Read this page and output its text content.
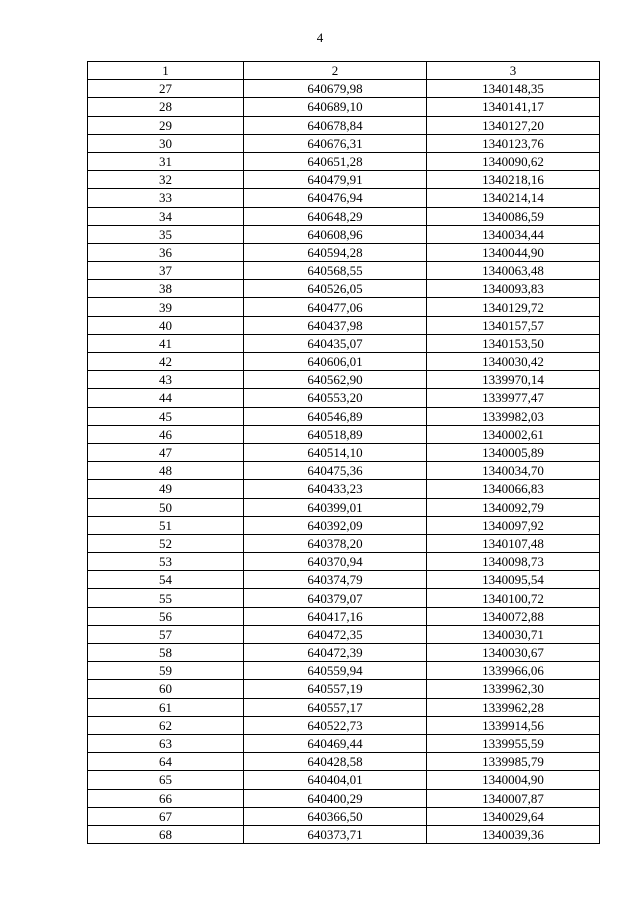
4
1	2	3
27	640679,98	1340148,35
28	640689,10	1340141,17
29	640678,84	1340127,20
30	640676,31	1340123,76
31	640651,28	1340090,62
32	640479,91	1340218,16
33	640476,94	1340214,14
34	640648,29	1340086,59
35	640608,96	1340034,44
36	640594,28	1340044,90
37	640568,55	1340063,48
38	640526,05	1340093,83
39	640477,06	1340129,72
40	640437,98	1340157,57
41	640435,07	1340153,50
42	640606,01	1340030,42
43	640562,90	1339970,14
44	640553,20	1339977,47
45	640546,89	1339982,03
46	640518,89	1340002,61
47	640514,10	1340005,89
48	640475,36	1340034,70
49	640433,23	1340066,83
50	640399,01	1340092,79
51	640392,09	1340097,92
52	640378,20	1340107,48
53	640370,94	1340098,73
54	640374,79	1340095,54
55	640379,07	1340100,72
56	640417,16	1340072,88
57	640472,35	1340030,71
58	640472,39	1340030,67
59	640559,94	1339966,06
60	640557,19	1339962,30
61	640557,17	1339962,28
62	640522,73	1339914,56
63	640469,44	1339955,59
64	640428,58	1339985,79
65	640404,01	1340004,90
66	640400,29	1340007,87
67	640366,50	1340029,64
68	640373,71	1340039,36
